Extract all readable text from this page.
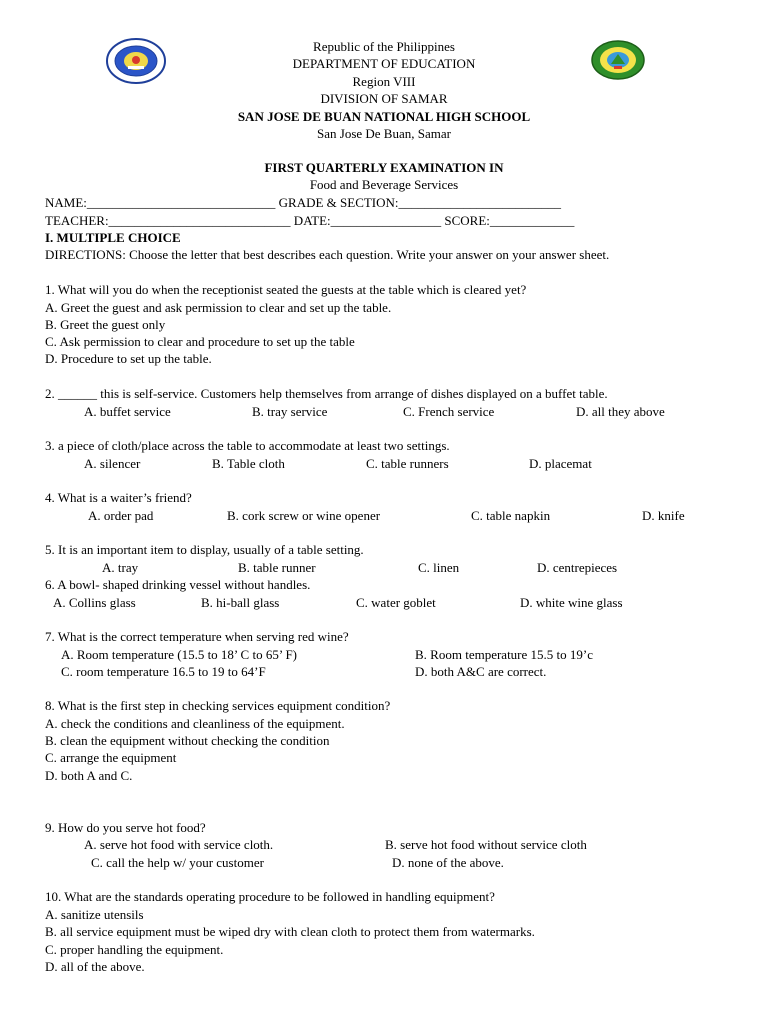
Republic of the Philippines
DEPARTMENT OF EDUCATION
Region VIII
DIVISION OF SAMAR
SAN JOSE DE BUAN NATIONAL HIGH SCHOOL
San Jose De Buan, Samar
FIRST QUARTERLY EXAMINATION IN
Food and Beverage Services
NAME:_____________________________ GRADE & SECTION:_________________________
TEACHER:____________________________ DATE:_________________ SCORE:_____________
I. MULTIPLE CHOICE
DIRECTIONS: Choose the letter that best describes each question. Write your answer on your answer sheet.
1. What will you do when the receptionist seated the guests at the table which is cleared yet?
A. Greet the guest and ask permission to clear and set up the table.
B. Greet the guest only
C. Ask permission to clear and procedure to set up the table
D. Procedure to set up the table.
2. ______ this is self-service. Customers help themselves from arrange of dishes displayed on a buffet table.
A. buffet service	B. tray service	C. French service	D. all they above
3. a piece of cloth/place across the table to accommodate at least two settings.
A. silencer	B. Table cloth	C. table runners	D. placemat
4. What is a waiter’s friend?
A. order pad	B. cork screw or wine opener	C. table napkin	D. knife
5. It is an important item to display, usually of a table setting.
A. tray	B. table runner	C. linen	D. centrepieces
6. A bowl- shaped drinking vessel without handles.
A. Collins glass	B. hi-ball glass	C. water goblet	D. white wine glass
7. What is the correct temperature when serving red wine?
A. Room temperature (15.5 to 18’ C to 65’ F)	B. Room temperature 15.5 to 19’c
C. room temperature 16.5 to 19 to 64’F	D. both A&C are correct.
8. What is the first step in checking services equipment condition?
A. check the conditions and cleanliness of the equipment.
B. clean the equipment without checking the condition
C. arrange the equipment
D. both A and C.
9. How do you serve hot food?
A. serve hot food with service cloth.	B. serve hot food without service cloth
C. call the help w/ your customer	D. none of the above.
10. What are the standards operating procedure to be followed in handling equipment?
A. sanitize utensils
B. all service equipment must be wiped dry with clean cloth to protect them from watermarks.
C. proper handling the equipment.
D. all of the above.
